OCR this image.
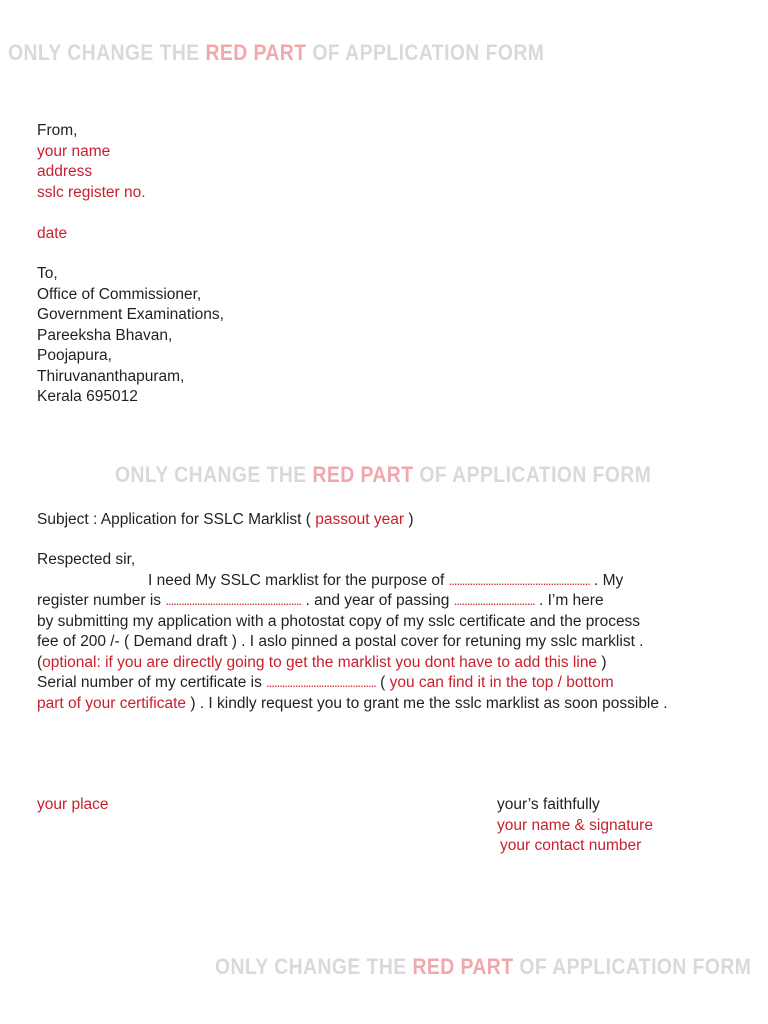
ONLY CHANGE THE RED PART OF APPLICATION FORM
From,
your name
address
sslc register no.

date
To,
Office of Commissioner,
Government Examinations,
Pareeksha Bhavan,
Poojapura,
Thiruvananthapuram,
Kerala 695012
ONLY CHANGE THE RED PART OF APPLICATION FORM
Subject : Application for SSLC Marklist ( passout year )
Respected sir,
I need My SSLC marklist for the purpose of ...................................................... . My
register number is .................................................... . and year of passing ............................... . I’m here
by submitting my application with a photostat copy of my sslc certificate and the process
fee of 200 /- ( Demand draft ) . I aslo pinned a postal cover for retuning my sslc marklist .
(optional: if you are directly going to get the marklist you dont have to add this line )
Serial number of my certificate is .......................................... ( you can find it in the top / bottom
part of your certificate ) . I kindly request you to grant me the sslc marklist as soon possible .
your place	your’s faithfully
your name & signature
your contact number
ONLY CHANGE THE RED PART OF APPLICATION FORM
